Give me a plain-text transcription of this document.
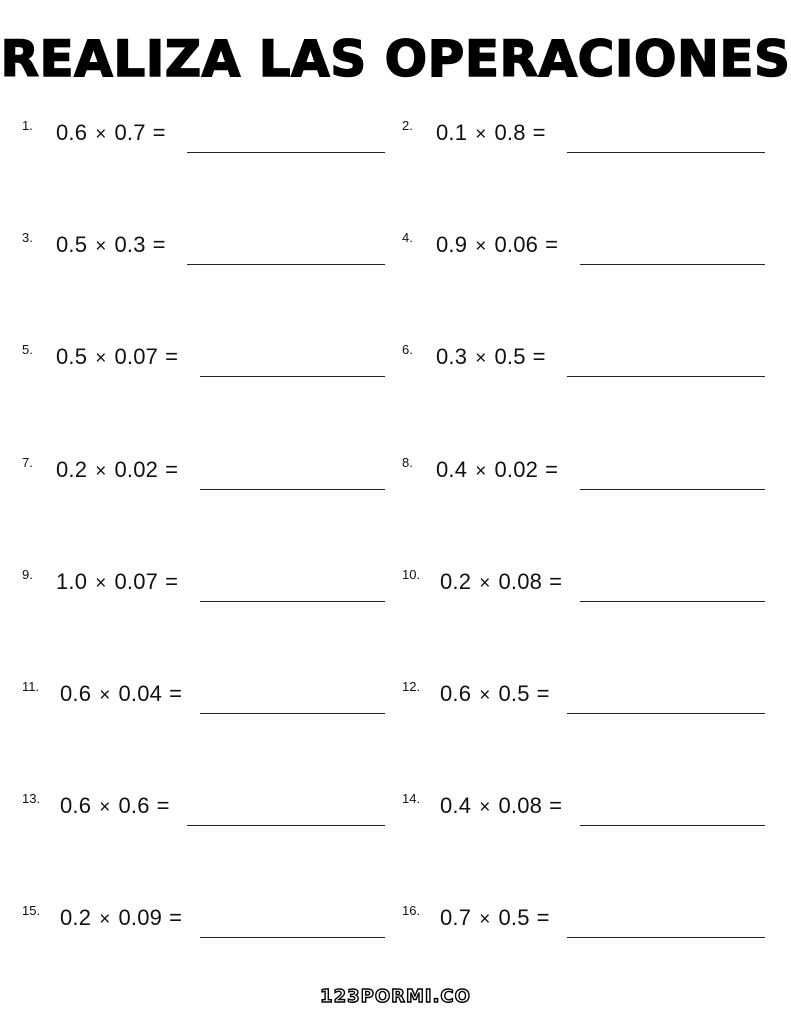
REALIZA LAS OPERACIONES
1.	0.6 × 0.7 =	2.	0.1 × 0.8 =
3.	0.5 × 0.3 =	4.	0.9 × 0.06 =
5.	0.5 × 0.07 =	6.	0.3 × 0.5 =
7.	0.2 × 0.02 =	8.	0.4 × 0.02 =
9.	1.0 × 0.07 =	10. 0.2 × 0.08 =
11. 0.6 × 0.04 =	12. 0.6 × 0.5 =
13. 0.6 × 0.6 =	14. 0.4 × 0.08 =
15. 0.2 × 0.09 =	16. 0.7 × 0.5 =
123PORMI.CO
